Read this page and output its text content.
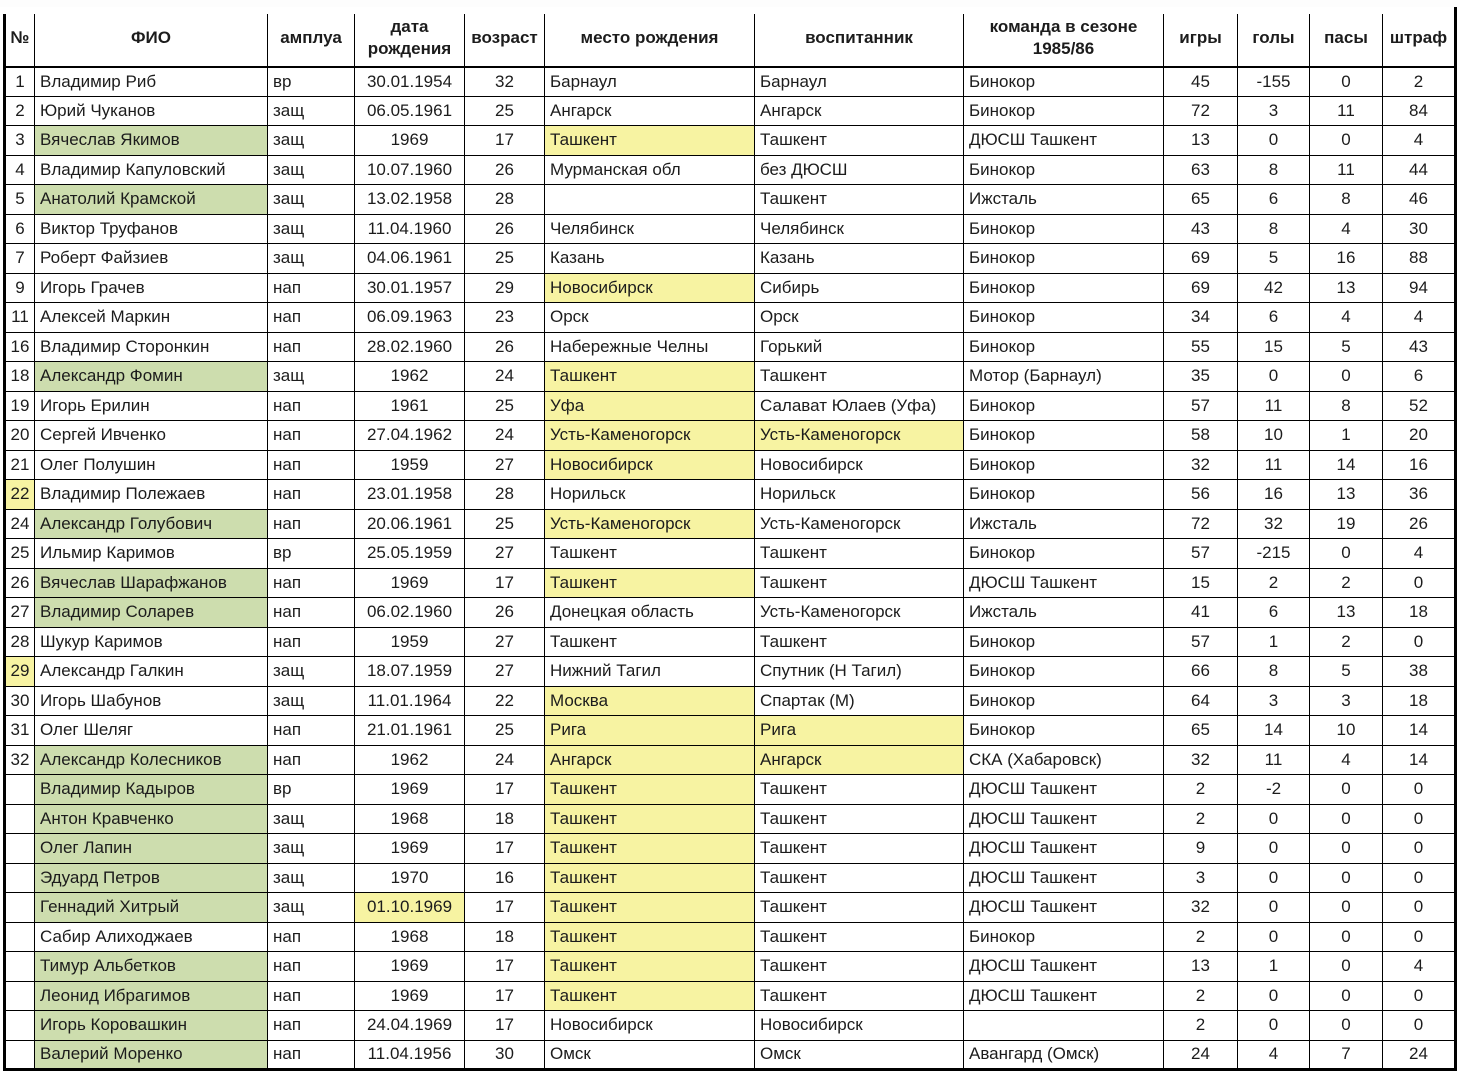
№	ФИО	амплуа	дата рождения	возраст	место рождения	воспитанник	команда в сезоне 1985/86	игры	голы	пасы	штраф
1	Владимир Риб	вр	30.01.1954	32	Барнаул	Барнаул	Бинокор	45	-155	0	2
2	Юрий Чуканов	защ	06.05.1961	25	Ангарск	Ангарск	Бинокор	72	3	11	84
3	Вячеслав Якимов	защ	1969	17	Ташкент	Ташкент	ДЮСШ Ташкент	13	0	0	4
4	Владимир Капуловский	защ	10.07.1960	26	Мурманская обл	без ДЮСШ	Бинокор	63	8	11	44
5	Анатолий Крамской	защ	13.02.1958	28		Ташкент	Ижсталь	65	6	8	46
6	Виктор Труфанов	защ	11.04.1960	26	Челябинск	Челябинск	Бинокор	43	8	4	30
7	Роберт Файзиев	защ	04.06.1961	25	Казань	Казань	Бинокор	69	5	16	88
9	Игорь Грачев	нап	30.01.1957	29	Новосибирск	Сибирь	Бинокор	69	42	13	94
11	Алексей Маркин	нап	06.09.1963	23	Орск	Орск	Бинокор	34	6	4	4
16	Владимир Сторонкин	нап	28.02.1960	26	Набережные Челны	Горький	Бинокор	55	15	5	43
18	Александр Фомин	защ	1962	24	Ташкент	Ташкент	Мотор (Барнаул)	35	0	0	6
19	Игорь Ерилин	нап	1961	25	Уфа	Салават Юлаев (Уфа)	Бинокор	57	11	8	52
20	Сергей Ивченко	нап	27.04.1962	24	Усть-Каменогорск	Усть-Каменогорск	Бинокор	58	10	1	20
21	Олег Полушин	нап	1959	27	Новосибирск	Новосибирск	Бинокор	32	11	14	16
22	Владимир Полежаев	нап	23.01.1958	28	Норильск	Норильск	Бинокор	56	16	13	36
24	Александр Голубович	нап	20.06.1961	25	Усть-Каменогорск	Усть-Каменогорск	Ижсталь	72	32	19	26
25	Ильмир Каримов	вр	25.05.1959	27	Ташкент	Ташкент	Бинокор	57	-215	0	4
26	Вячеслав Шарафжанов	нап	1969	17	Ташкент	Ташкент	ДЮСШ Ташкент	15	2	2	0
27	Владимир Соларев	нап	06.02.1960	26	Донецкая область	Усть-Каменогорск	Ижсталь	41	6	13	18
28	Шукур Каримов	нап	1959	27	Ташкент	Ташкент	Бинокор	57	1	2	0
29	Александр Галкин	защ	18.07.1959	27	Нижний Тагил	Спутник (Н Тагил)	Бинокор	66	8	5	38
30	Игорь Шабунов	защ	11.01.1964	22	Москва	Спартак (М)	Бинокор	64	3	3	18
31	Олег Шеляг	нап	21.01.1961	25	Рига	Рига	Бинокор	65	14	10	14
32	Александр Колесников	нап	1962	24	Ангарск	Ангарск	СКА (Хабаровск)	32	11	4	14
	Владимир Кадыров	вр	1969	17	Ташкент	Ташкент	ДЮСШ Ташкент	2	-2	0	0
	Антон Кравченко	защ	1968	18	Ташкент	Ташкент	ДЮСШ Ташкент	2	0	0	0
	Олег Лапин	защ	1969	17	Ташкент	Ташкент	ДЮСШ Ташкент	9	0	0	0
	Эдуард Петров	защ	1970	16	Ташкент	Ташкент	ДЮСШ Ташкент	3	0	0	0
	Геннадий Хитрый	защ	01.10.1969	17	Ташкент	Ташкент	ДЮСШ Ташкент	32	0	0	0
	Сабир Алиходжаев	нап	1968	18	Ташкент	Ташкент	Бинокор	2	0	0	0
	Тимур Альбетков	нап	1969	17	Ташкент	Ташкент	ДЮСШ Ташкент	13	1	0	4
	Леонид Ибрагимов	нап	1969	17	Ташкент	Ташкент	ДЮСШ Ташкент	2	0	0	0
	Игорь Коровашкин	нап	24.04.1969	17	Новосибирск	Новосибирск		2	0	0	0
	Валерий Моренко	нап	11.04.1956	30	Омск	Омск	Авангард (Омск)	24	4	7	24
